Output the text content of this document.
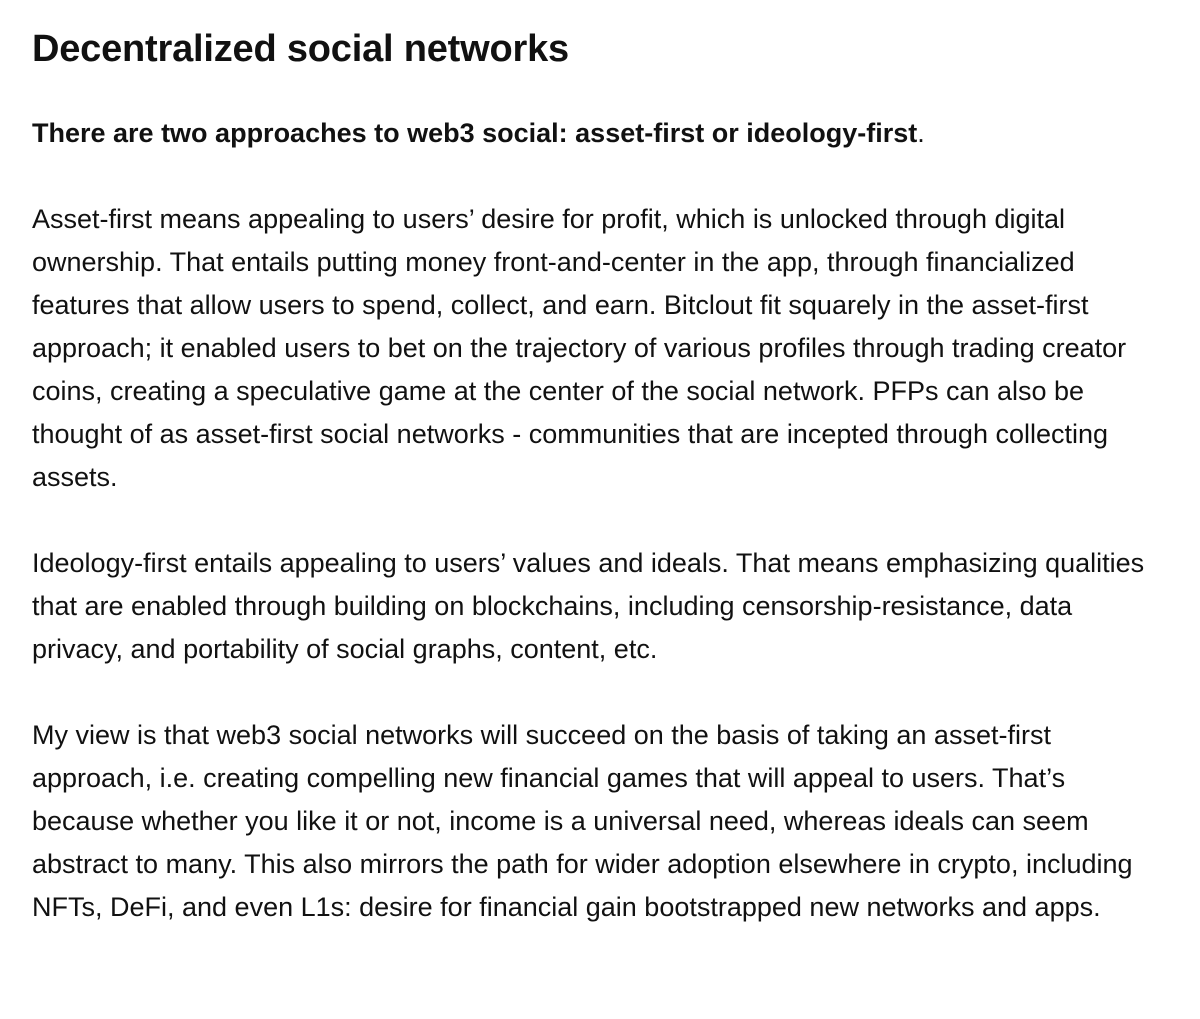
Decentralized social networks

There are two approaches to web3 social: asset-first or ideology-first.

Asset-first means appealing to users’ desire for profit, which is unlocked through digital ownership. That entails putting money front-and-center in the app, through financialized features that allow users to spend, collect, and earn. Bitclout fit squarely in the asset-first approach; it enabled users to bet on the trajectory of various profiles through trading creator coins, creating a speculative game at the center of the social network. PFPs can also be thought of as asset-first social networks - communities that are incepted through collecting assets.

Ideology-first entails appealing to users’ values and ideals. That means emphasizing qualities that are enabled through building on blockchains, including censorship-resistance, data privacy, and portability of social graphs, content, etc.

My view is that web3 social networks will succeed on the basis of taking an asset-first approach, i.e. creating compelling new financial games that will appeal to users. That’s because whether you like it or not, income is a universal need, whereas ideals can seem abstract to many. This also mirrors the path for wider adoption elsewhere in crypto, including NFTs, DeFi, and even L1s: desire for financial gain bootstrapped new networks and apps.
